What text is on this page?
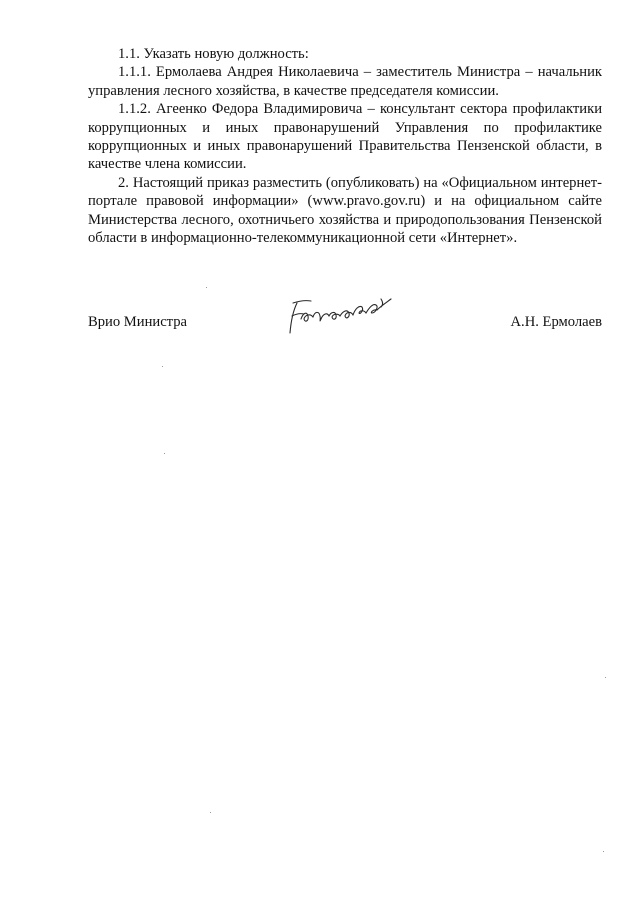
1.1. Указать новую должность:

1.1.1. Ермолаева Андрея Николаевича – заместитель Министра – начальник управления лесного хозяйства, в качестве председателя комиссии.

1.1.2. Агеенко Федора Владимировича – консультант сектора профилактики коррупционных и иных правонарушений Управления по профилактике коррупционных и иных правонарушений Правительства Пензенской области, в качестве члена комиссии.

2. Настоящий приказ разместить (опубликовать) на «Официальном интернет-портале правовой информации» (www.pravo.gov.ru) и на официальном сайте Министерства лесного, охотничьего хозяйства и природопользования Пензенской области в информационно-телекоммуникационной сети «Интернет».

Врио Министра	А.Н. Ермолаев
